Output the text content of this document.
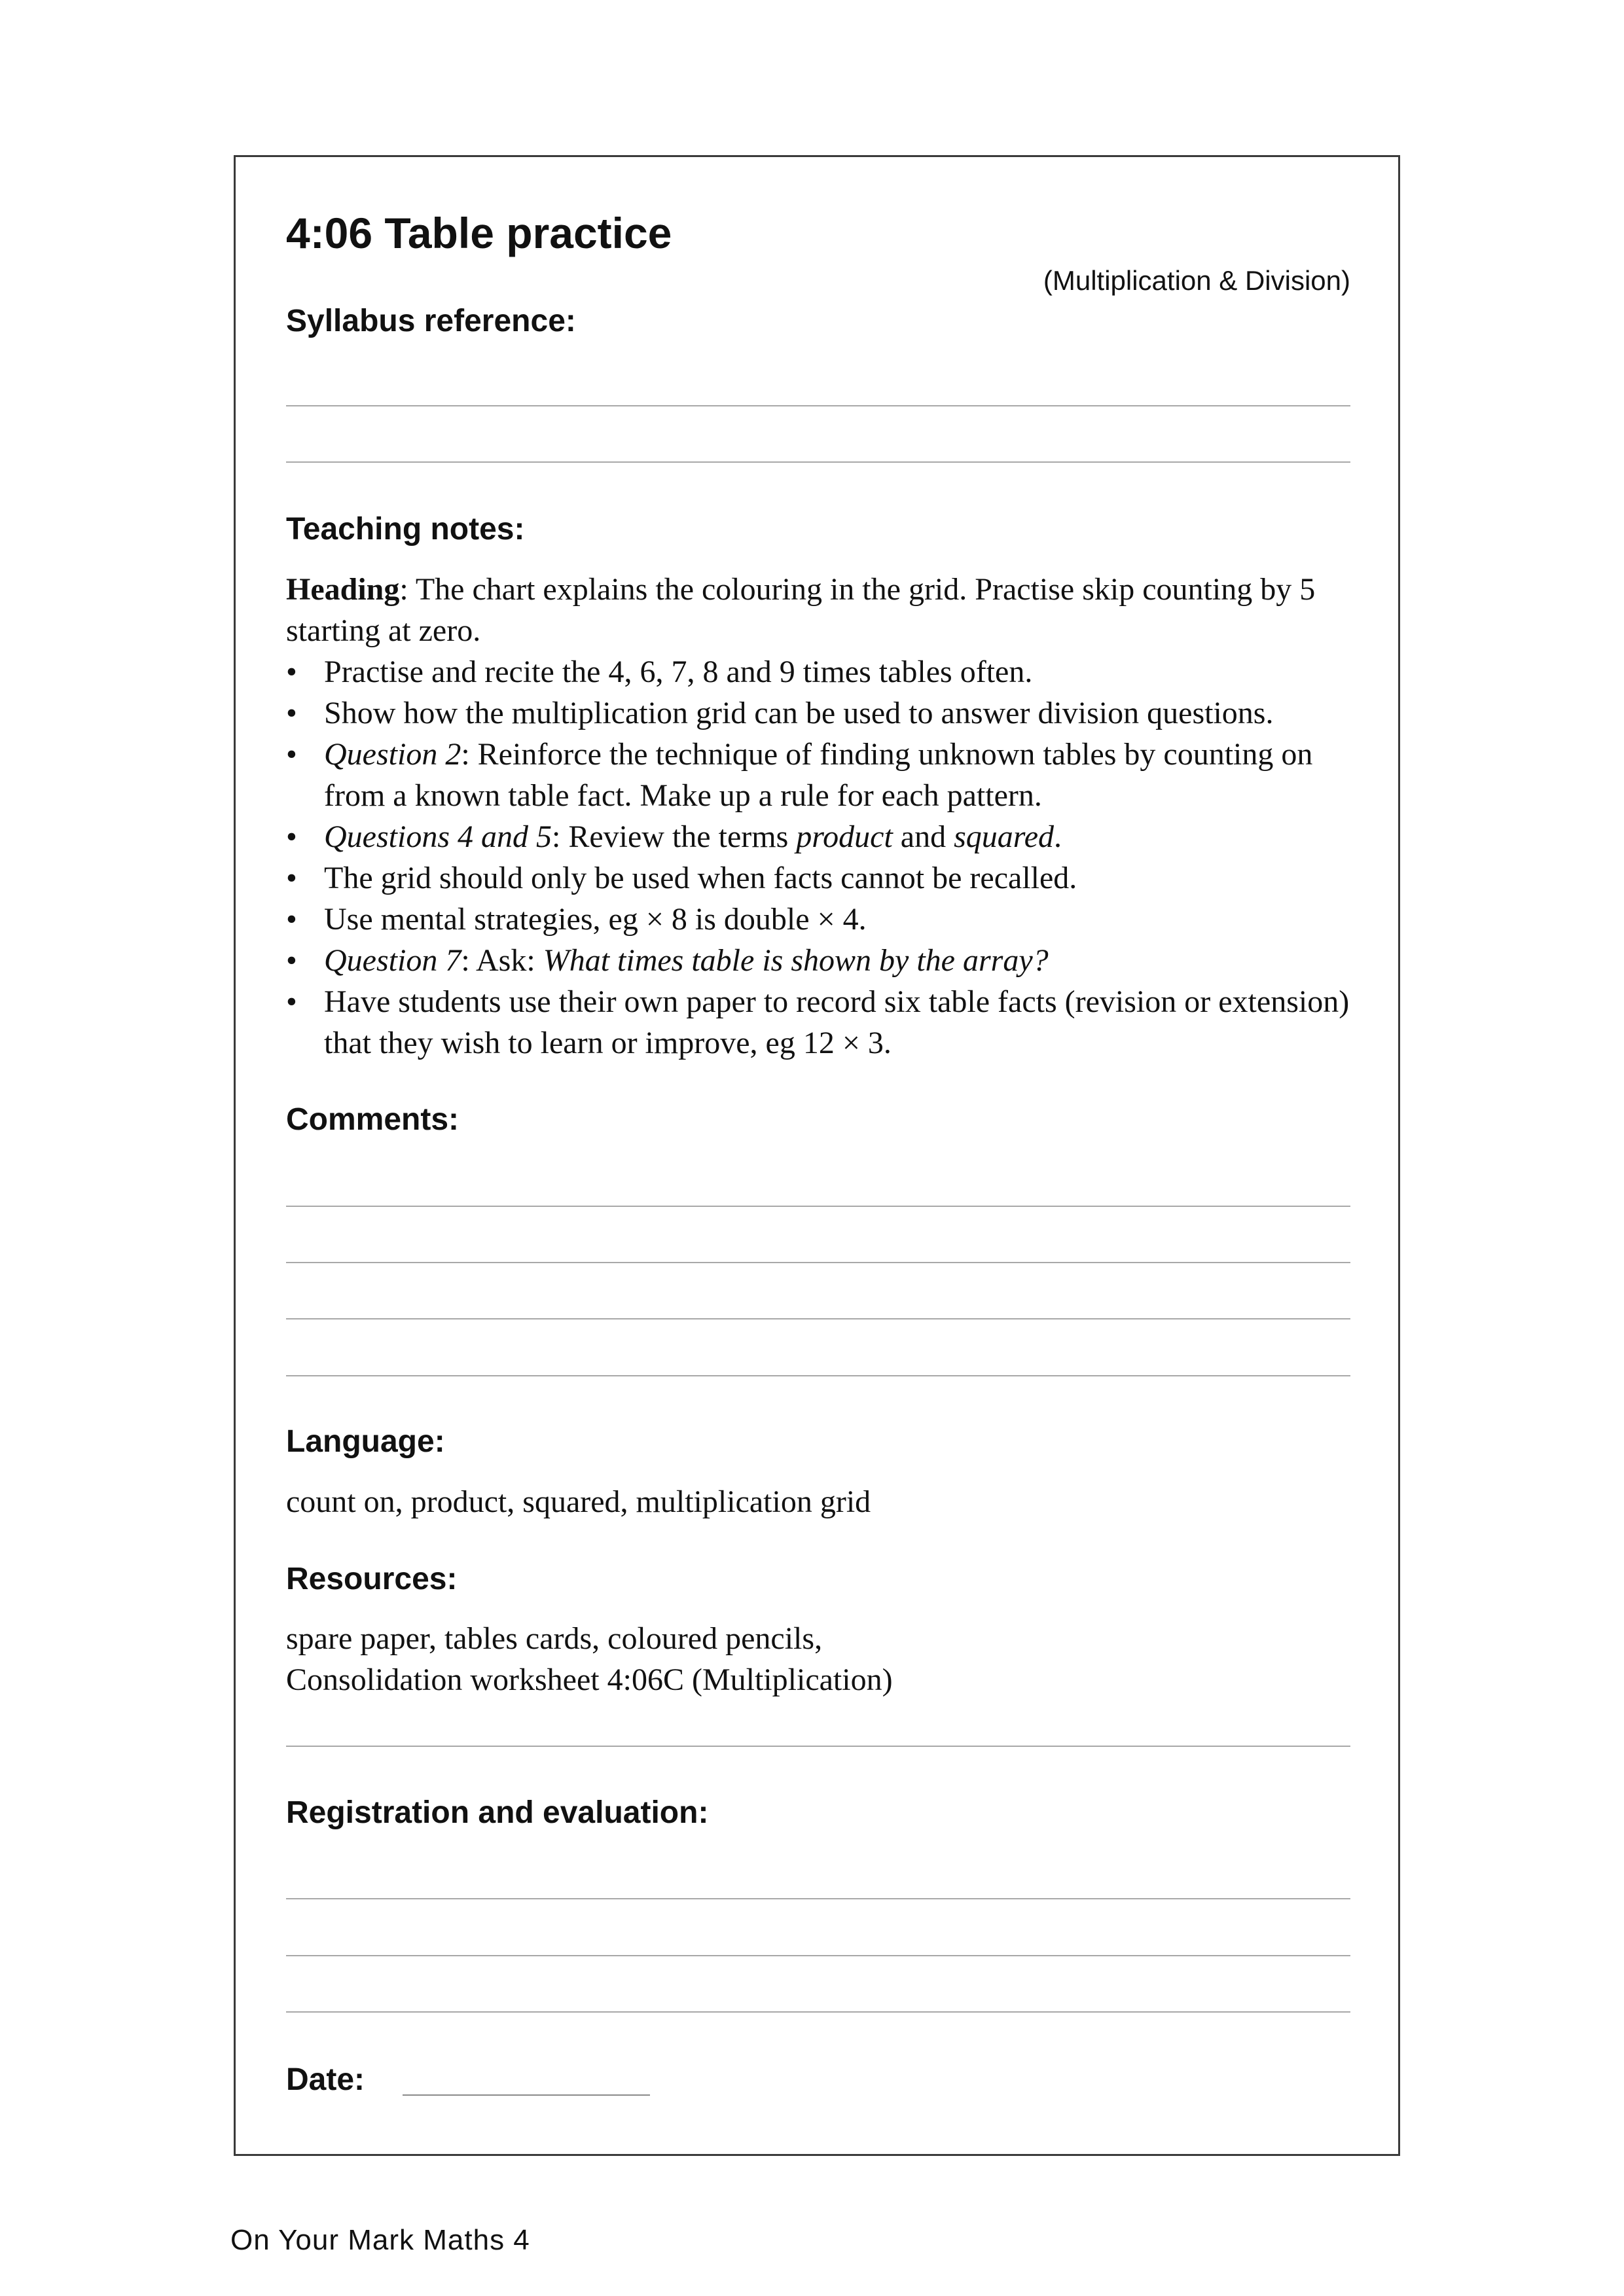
4:06 Table practice
(Multiplication & Division)
Syllabus reference:
Teaching notes:
Heading: The chart explains the colouring in the grid. Practise skip counting by 5 starting at zero.
• Practise and recite the 4, 6, 7, 8 and 9 times tables often.
• Show how the multiplication grid can be used to answer division questions.
• Question 2: Reinforce the technique of finding unknown tables by counting on from a known table fact. Make up a rule for each pattern.
• Questions 4 and 5: Review the terms product and squared.
• The grid should only be used when facts cannot be recalled.
• Use mental strategies, eg × 8 is double × 4.
• Question 7: Ask: What times table is shown by the array?
• Have students use their own paper to record six table facts (revision or extension) that they wish to learn or improve, eg 12 × 3.
Comments:
Language:
count on, product, squared, multiplication grid
Resources:
spare paper, tables cards, coloured pencils,
Consolidation worksheet 4:06C (Multiplication)
Registration and evaluation:
Date:
On Your Mark Maths 4
